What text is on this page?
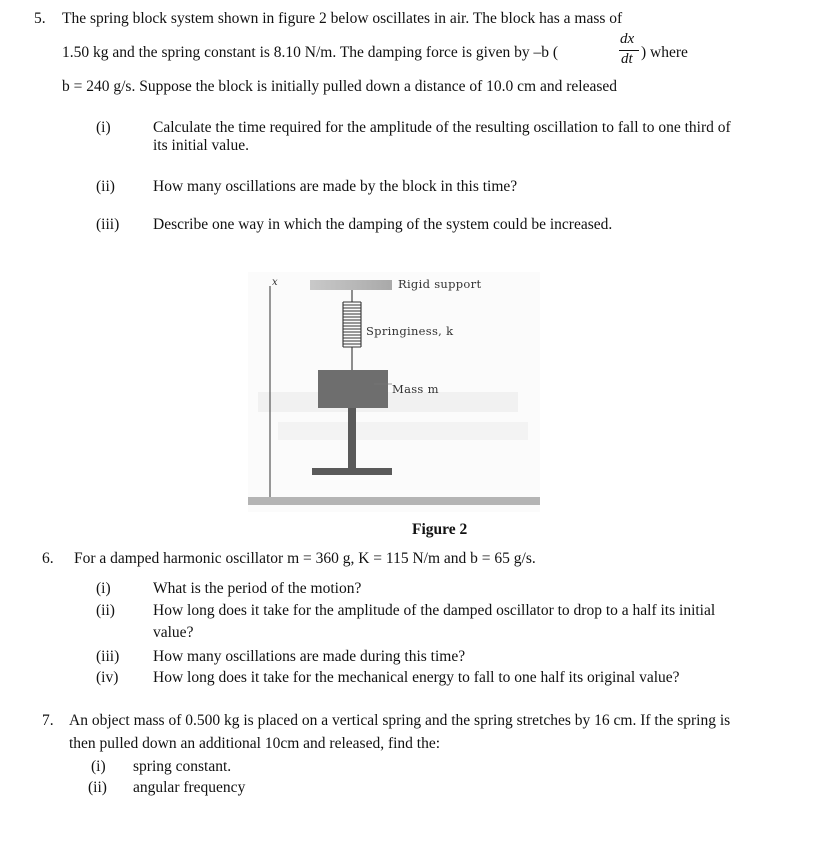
5. The spring block system shown in figure 2 below oscillates in air. The block has a mass of
1.50 kg and the spring constant is 8.10 N/m. The damping force is given by –b (
dx
dt ) where
b = 240 g/s. Suppose the block is initially pulled down a distance of 10.0 cm and released
(i)	Calculate the time required for the amplitude of the resulting oscillation to fall to one third of
its initial value.
(ii) How many oscillations are made by the block in this time?
(iii) Describe one way in which the damping of the system could be increased.
Rigid support
Springiness, k
Mass m
x
Figure 2
6. For a damped harmonic oscillator m = 360 g, K = 115 N/m and b = 65 g/s.
(i)	What is the period of the motion?
(ii) How long does it take for the amplitude of the damped oscillator to drop to a half its initial
value?
(iii) How many oscillations are made during this time?
(iv) How long does it take for the mechanical energy to fall to one half its original value?
7. An object mass of 0.500 kg is placed on a vertical spring and the spring stretches by 16 cm. If the spring is
then pulled down an additional 10cm and released, find the:
(i) spring constant.
(ii) angular frequency
